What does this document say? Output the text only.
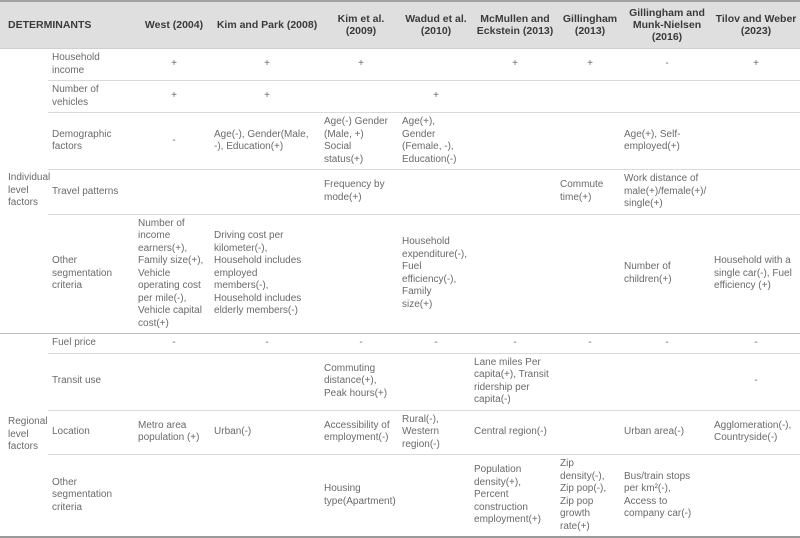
DETERMINANTS		West (2004)	Kim and Park (2008)	Kim et al. (2009)	Wadud et al. (2010)	McMullen and Eckstein (2013)	Gillingham (2013)	Gillingham and Munk-Nielsen (2016)	Tilov and Weber (2023)
Individual level factors	Household income	+	+	+		+	+	-	+
	Number of vehicles	+	+		+				
	Demographic factors	-	Age(-), Gender(Male, -), Education(+)	Age(-) Gender (Male, +) Social status(+)	Age(+), Gender (Female, -), Education(-)			Age(+), Self-employed(+)	
	Travel patterns			Frequency by mode(+)			Commute time(+)	Work distance of male(+)/female(+)/ single(+)	
	Other segmentation criteria	Number of income earners(+), Family size(+), Vehicle operating cost per mile(-), Vehicle capital cost(+)	Driving cost per kilometer(-), Household includes employed members(-), Household includes elderly members(-)		Household expenditure(-), Fuel efficiency(-), Family size(+)			Number of children(+)	Household with a single car(-), Fuel efficiency (+)
Regional level factors	Fuel price	-	-	-	-	-	-	-	-
	Transit use			Commuting distance(+), Peak hours(+)		Lane miles Per capita(+), Transit ridership per capita(-)			-
	Location	Metro area population (+)	Urban(-)	Accessibility of employment(-)	Rural(-), Western region(-)	Central region(-)		Urban area(-)	Agglomeration(-), Countryside(-)
	Other segmentation criteria			Housing type(Apartment)		Population density(+), Percent construction employment(+)	Zip density(-), Zip pop(-), Zip pop growth rate(+)	Bus/train stops per km²(-), Access to company car(-)	
